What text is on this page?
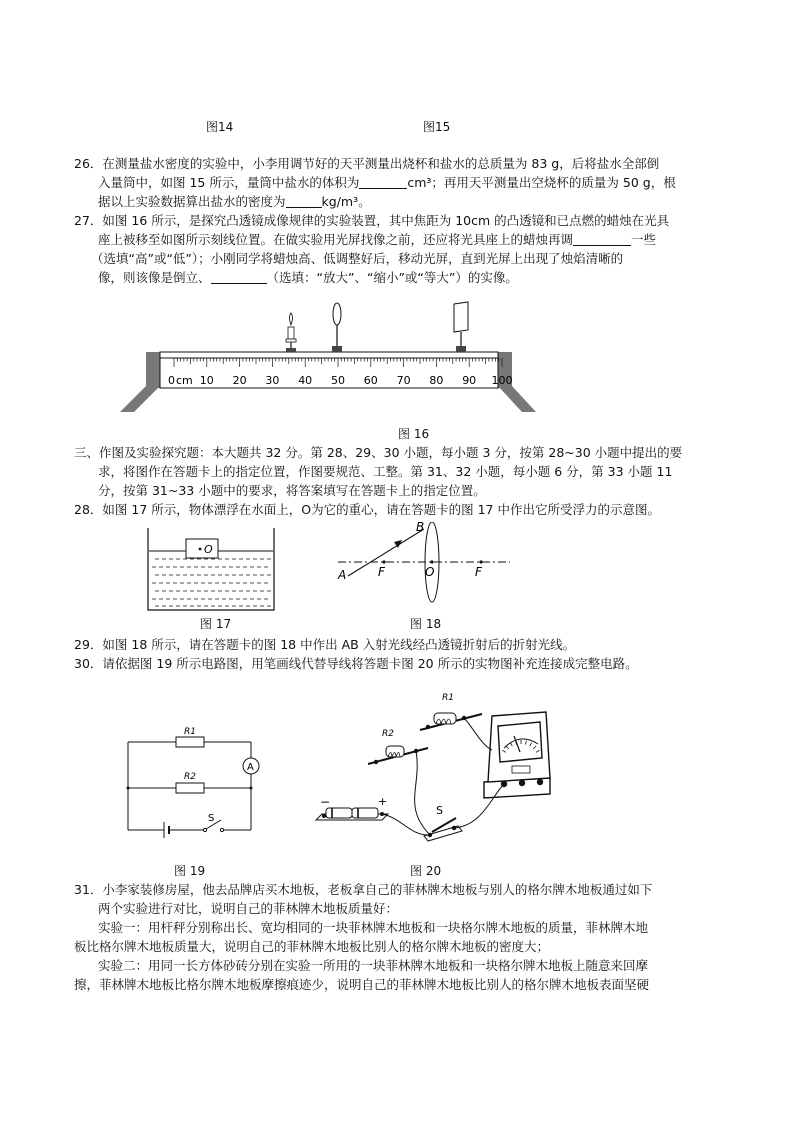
图14	图15
26．在测量盐水密度的实验中，小李用调节好的天平测量出烧杯和盐水的总质量为 83 g，后将盐水全部倒
入量筒中，如图 15 所示，量筒中盐水的体积为	cm³；再用天平测量出空烧杯的质量为 50 g，根
据以上实验数据算出盐水的密度为	kg/m³。
27．如图 16 所示，是探究凸透镜成像规律的实验装置，其中焦距为 10cm 的凸透镜和已点燃的蜡烛在光具
座上被移至如图所示刻线位置。在做实验用光屏找像之前，还应将光具座上的蜡烛再调	一些
（选填“高”或“低”）；小刚同学将蜡烛高、低调整好后，移动光屏，直到光屏上出现了烛焰清晰的
像，则该像是倒立、	（选填：“放大”、“缩小”或“等大”）的实像。
cm 10 20 30 40 50 60 70 80 90 100
0
图 16
三、作图及实验探究题：本大题共 32 分。第 28、29、30 小题，每小题 3 分，按第 28~30 小题中提出的要
求，将图作在答题卡上的指定位置，作图要规范、工整。第 31、32 小题，每小题 6 分，第 33 小题 11
分，按第 31~33 小题中的要求，将答案填写在答题卡上的指定位置。
28．如图 17 所示，物体漂浮在水面上，O为它的重心，请在答题卡的图 17 中作出它所受浮力的示意图。
O
图 17
A
B
F	O	F
图 18
29．如图 18 所示，请在答题卡的图 18 中作出 AB 入射光线经凸透镜折射后的折射光线。
30．请依据图 19 所示电路图，用笔画线代替导线将答题卡图 20 所示的实物图补充连接成完整电路。
R1
R2
A
S
图 19
R1
R2
−	+
S
图 20
31．小李家装修房屋，他去品牌店买木地板，老板拿自己的菲林牌木地板与别人的格尔牌木地板通过如下
两个实验进行对比，说明自己的菲林牌木地板质量好：
实验一：用杆秤分别称出长、宽均相同的一块菲林牌木地板和一块格尔牌木地板的质量，菲林牌木地
板比格尔牌木地板质量大，说明自己的菲林牌木地板比别人的格尔牌木地板的密度大；
实验二：用同一长方体砂砖分别在实验一所用的一块菲林牌木地板和一块格尔牌木地板上随意来回摩
擦，菲林牌木地板比格尔牌木地板摩擦痕迹少，说明自己的菲林牌木地板比别人的格尔牌木地板表面坚硬
